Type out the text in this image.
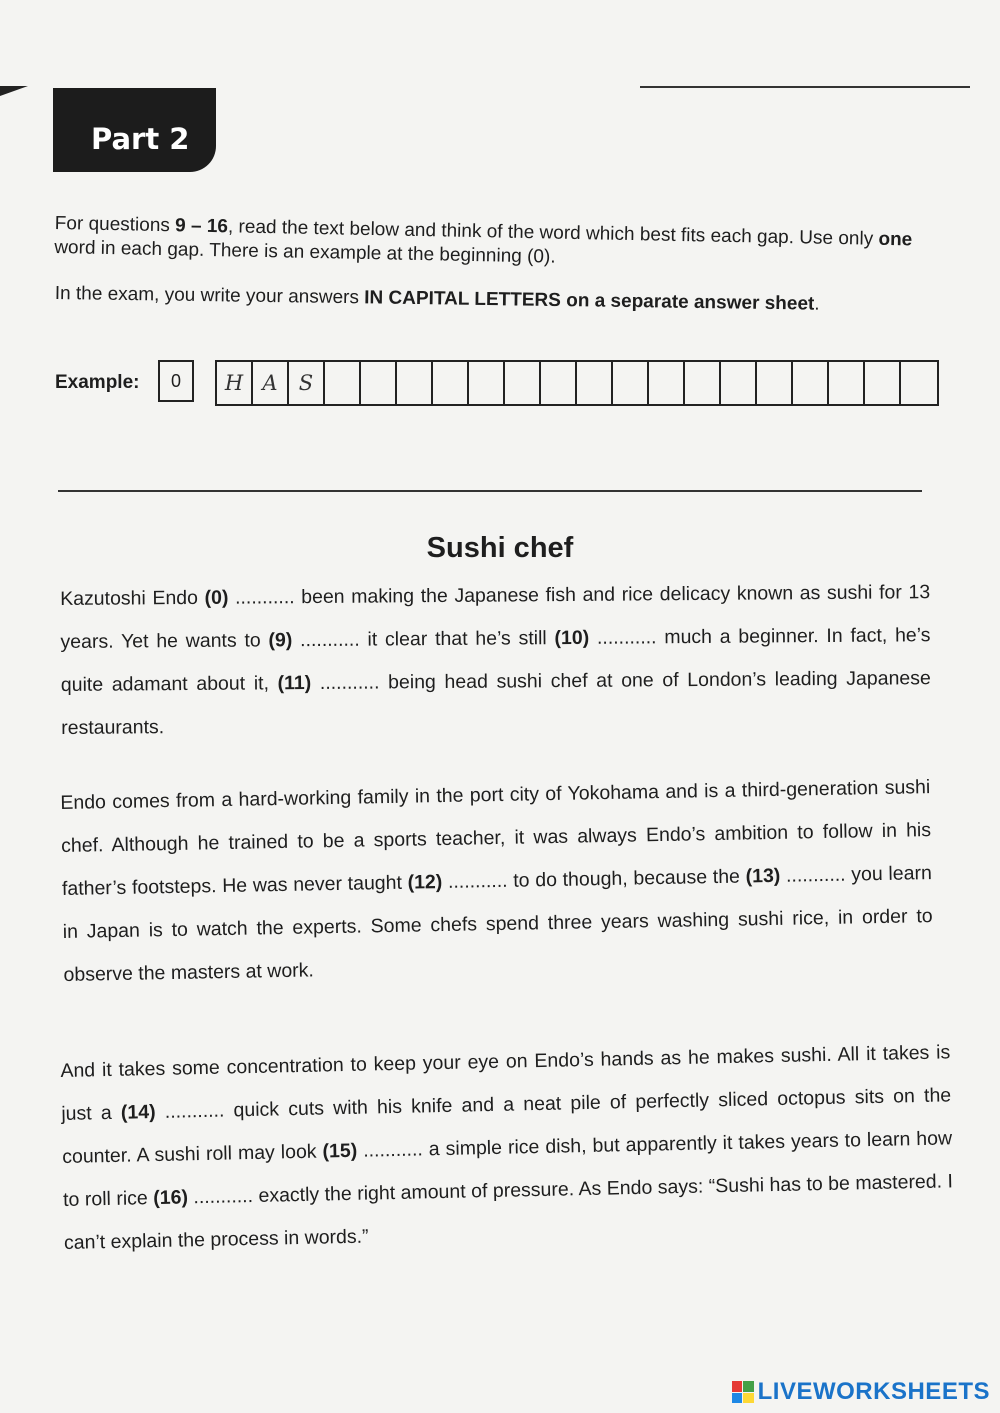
Part 2
For questions 9 – 16, read the text below and think of the word which best fits each gap. Use only one word in each gap. There is an example at the beginning (0).
In the exam, you write your answers IN CAPITAL LETTERS on a separate answer sheet.
Example:	0	H A	S
Sushi chef
Kazutoshi Endo (0) ........... been making the Japanese fish and rice delicacy known as sushi for 13 years. Yet he wants to (9) ........... it clear that he’s still (10) ........... much a beginner. In fact, he’s quite adamant about it, (11) ........... being head sushi chef at one of London’s leading Japanese restaurants.
Endo comes from a hard-working family in the port city of Yokohama and is a third-generation sushi chef. Although he trained to be a sports teacher, it was always Endo’s ambition to follow in his father’s footsteps. He was never taught (12) ........... to do though, because the (13) ........... you learn in Japan is to watch the experts. Some chefs spend three years washing sushi rice, in order to observe the masters at work.
And it takes some concentration to keep your eye on Endo’s hands as he makes sushi. All it takes is just a (14) ........... quick cuts with his knife and a neat pile of perfectly sliced octopus sits on the counter. A sushi roll may look (15) ........... a simple rice dish, but apparently it takes years to learn how to roll rice (16) ........... exactly the right amount of pressure. As Endo says: “Sushi has to be mastered. I can’t explain the process in words.”
LIVEWORKSHEETS
